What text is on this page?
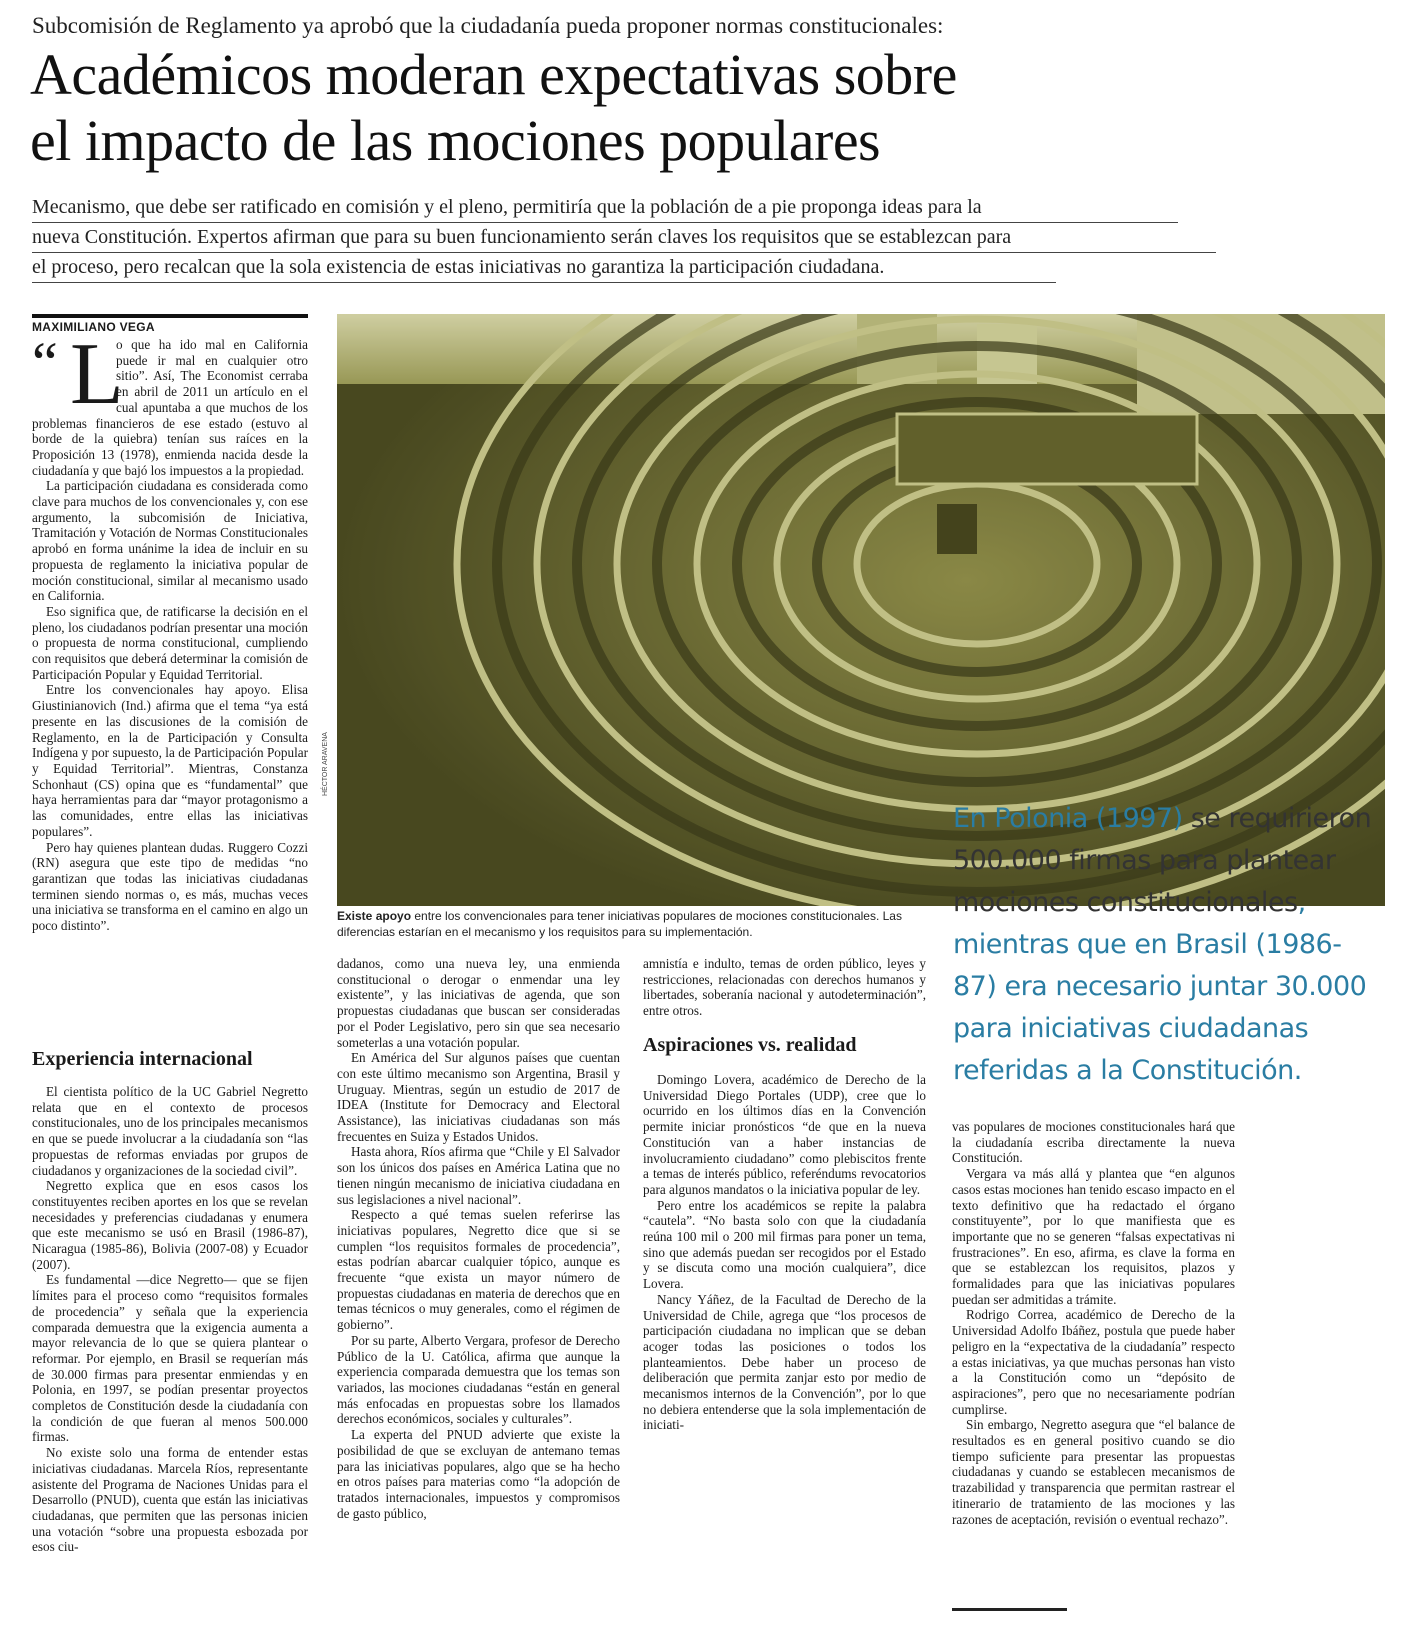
Subcomisión de Reglamento ya aprobó que la ciudadanía pueda proponer normas constitucionales:
Académicos moderan expectativas sobre
el impacto de las mociones populares
Mecanismo, que debe ser ratificado en comisión y el pleno, permitiría que la población de a pie proponga ideas para la
nueva Constitución. Expertos afirman que para su buen funcionamiento serán claves los requisitos que se establezcan para
el proceso, pero recalcan que la sola existencia de estas iniciativas no garantiza la participación ciudadana.
MAXIMILIANO VEGA

“ L
o que ha ido mal en California puede ir mal en cualquier otro sitio”. Así, The Economist cerraba en abril de 2011 un artículo en el cual apuntaba a que muchos de los problemas financieros de ese estado (estuvo al borde de la quiebra) tenían sus raíces en la Proposición 13 (1978), enmienda nacida desde la ciudadanía y que bajó los impuestos a la propiedad.

La participación ciudadana es considerada como clave para muchos de los convencionales y, con ese argumento, la subcomisión de Iniciativa, Tramitación y Votación de Normas Constitucionales aprobó en forma unánime la idea de incluir en su propuesta de reglamento la iniciativa popular de moción constitucional, similar al mecanismo usado en California.

Eso significa que, de ratificarse la decisión en el pleno, los ciudadanos podrían presentar una moción o propuesta de norma constitucional, cumpliendo con requisitos que deberá determinar la comisión de Participación Popular y Equidad Territorial.

Entre los convencionales hay apoyo. Elisa Giustinianovich (Ind.) afirma que el tema “ya está presente en las discusiones de la comisión de Reglamento, en la de Participación y Consulta Indígena y por supuesto, la de Participación Popular y Equidad Territorial”. Mientras, Constanza Schonhaut (CS) opina que es “fundamental” que haya herramientas para dar “mayor protagonismo a las comunidades, entre ellas las iniciativas populares”.

Pero hay quienes plantean dudas. Ruggero Cozzi (RN) asegura que este tipo de medidas “no garantizan que todas las iniciativas ciudadanas terminen siendo normas o, es más, muchas veces una iniciativa se transforma en el camino en algo un poco distinto”.

Experiencia internacional

El cientista político de la UC Gabriel Negretto relata que en el contexto de procesos constitucionales, uno de los principales mecanismos en que se puede involucrar a la ciudadanía son “las propuestas de reformas enviadas por grupos de ciudadanos y organizaciones de la sociedad civil”.

Negretto explica que en esos casos los constituyentes reciben aportes en los que se revelan necesidades y preferencias ciudadanas y enumera que este mecanismo se usó en Brasil (1986-87), Nicaragua (1985-86), Bolivia (2007-08) y Ecuador (2007).

Es fundamental —dice Negretto— que se fijen límites para el proceso como “requisitos formales de procedencia” y señala que la experiencia comparada demuestra que la exigencia aumenta a mayor relevancia de lo que se quiera plantear o reformar. Por ejemplo, en Brasil se requerían más de 30.000 firmas para presentar enmiendas y en Polonia, en 1997, se podían presentar proyectos completos de Constitución desde la ciudadanía con la condición de que fueran al menos 500.000 firmas.

No existe solo una forma de entender estas iniciativas ciudadanas. Marcela Ríos, representante asistente del Programa de Naciones Unidas para el Desarrollo (PNUD), cuenta que están las iniciativas ciudadanas, que permiten que las personas inicien una votación “sobre una propuesta esbozada por esos ciu-

HÉCTOR ARAVENA
Existe apoyo entre los convencionales para tener iniciativas populares de mociones constitucionales. Las diferencias estarían en el mecanismo y los requisitos para su implementación.
En Polonia (1997) se requirieron 500.000 firmas para plantear mociones constitucionales, mientras que en Brasil (1986-87) era necesario juntar 30.000 para iniciativas ciudadanas referidas a la Constitución.

dadanos, como una nueva ley, una enmienda constitucional o derogar o enmendar una ley existente”, y las iniciativas de agenda, que son propuestas ciudadanas que buscan ser consideradas por el Poder Legislativo, pero sin que sea necesario someterlas a una votación popular.

En América del Sur algunos países que cuentan con este último mecanismo son Argentina, Brasil y Uruguay. Mientras, según un estudio de 2017 de IDEA (Institute for Democracy and Electoral Assistance), las iniciativas ciudadanas son más frecuentes en Suiza y Estados Unidos.

Hasta ahora, Ríos afirma que “Chile y El Salvador son los únicos dos países en América Latina que no tienen ningún mecanismo de iniciativa ciudadana en sus legislaciones a nivel nacional”.

Respecto a qué temas suelen referirse las iniciativas populares, Negretto dice que si se cumplen “los requisitos formales de procedencia”, estas podrían abarcar cualquier tópico, aunque es frecuente “que exista un mayor número de propuestas ciudadanas en materia de derechos que en temas técnicos o muy generales, como el régimen de gobierno”.

Por su parte, Alberto Vergara, profesor de Derecho Público de la U. Católica, afirma que aunque la experiencia comparada demuestra que los temas son variados, las mociones ciudadanas “están en general más enfocadas en propuestas sobre los llamados derechos económicos, sociales y culturales”.

La experta del PNUD advierte que existe la posibilidad de que se excluyan de antemano temas para las iniciativas populares, algo que se ha hecho en otros países para materias como “la adopción de tratados internacionales, impuestos y compromisos de gasto público,

amnistía e indulto, temas de orden público, leyes y restricciones, relacionadas con derechos humanos y libertades, soberanía nacional y autodeterminación”, entre otros.

Aspiraciones vs. realidad

Domingo Lovera, académico de Derecho de la Universidad Diego Portales (UDP), cree que lo ocurrido en los últimos días en la Convención permite iniciar pronósticos “de que en la nueva Constitución van a haber instancias de involucramiento ciudadano” como plebiscitos frente a temas de interés público, referéndums revocatorios para algunos mandatos o la iniciativa popular de ley.

Pero entre los académicos se repite la palabra “cautela”. “No basta solo con que la ciudadanía reúna 100 mil o 200 mil firmas para poner un tema, sino que además puedan ser recogidos por el Estado y se discuta como una moción cualquiera”, dice Lovera.

Nancy Yáñez, de la Facultad de Derecho de la Universidad de Chile, agrega que “los procesos de participación ciudadana no implican que se deban acoger todas las posiciones o todos los planteamientos. Debe haber un proceso de deliberación que permita zanjar esto por medio de mecanismos internos de la Convención”, por lo que no debiera entenderse que la sola implementación de iniciati-

vas populares de mociones constitucionales hará que la ciudadanía escriba directamente la nueva Constitución.

Vergara va más allá y plantea que “en algunos casos estas mociones han tenido escaso impacto en el texto definitivo que ha redactado el órgano constituyente”, por lo que manifiesta que es importante que no se generen “falsas expectativas ni frustraciones”. En eso, afirma, es clave la forma en que se establezcan los requisitos, plazos y formalidades para que las iniciativas populares puedan ser admitidas a trámite.

Rodrigo Correa, académico de Derecho de la Universidad Adolfo Ibáñez, postula que puede haber peligro en la “expectativa de la ciudadanía” respecto a estas iniciativas, ya que muchas personas han visto a la Constitución como un “depósito de aspiraciones”, pero que no necesariamente podrían cumplirse.

Sin embargo, Negretto asegura que “el balance de resultados es en general positivo cuando se dio tiempo suficiente para presentar las propuestas ciudadanas y cuando se establecen mecanismos de trazabilidad y transparencia que permitan rastrear el itinerario de tratamiento de las mociones y las razones de aceptación, revisión o eventual rechazo”.
